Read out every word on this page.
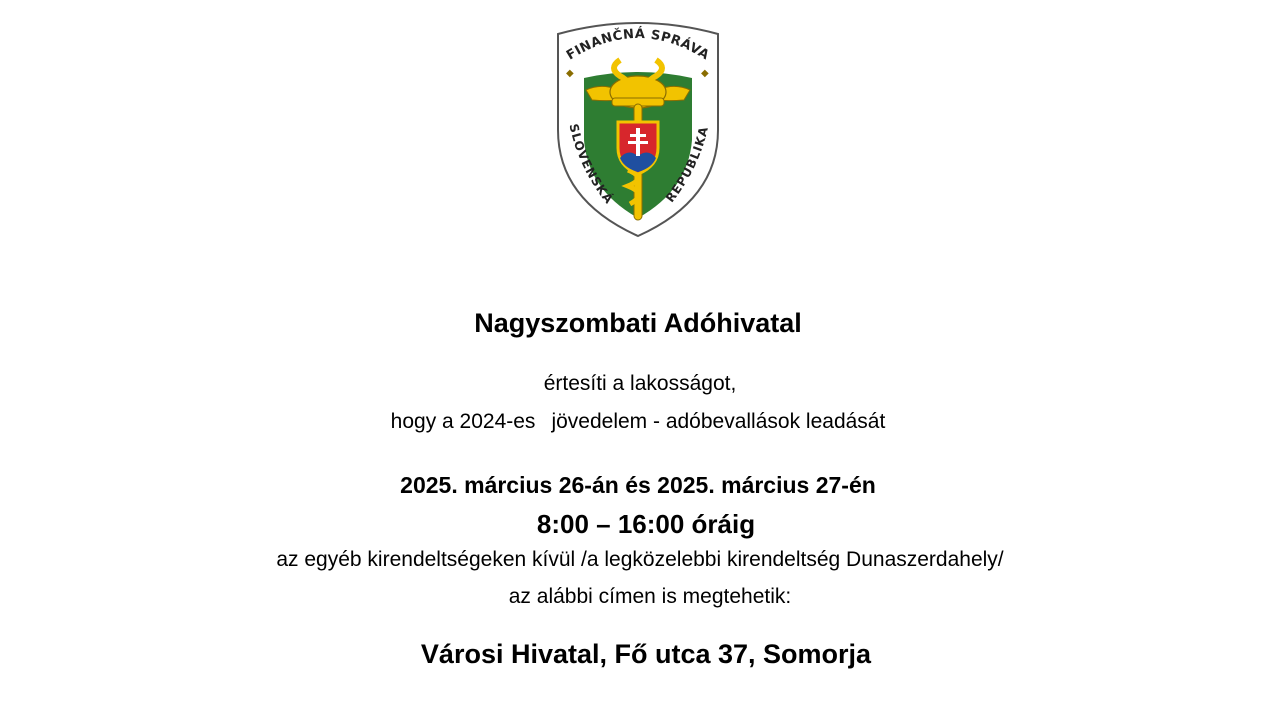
◆	◆
FINANČNÁ SPRÁVA
SLOVENSKÁ	REPUBLIKA
Nagyszombati Adóhivatal
értesíti a lakosságot,
hogy a 2024-es jövedelem - adóbevallások leadását
2025. március 26-án és 2025. március 27-én
8:00 – 16:00 óráig
az egyéb kirendeltségeken kívül /a legközelebbi kirendeltség Dunaszerdahely/
az alábbi címen is megtehetik:
Városi Hivatal, Fő utca 37, Somorja
